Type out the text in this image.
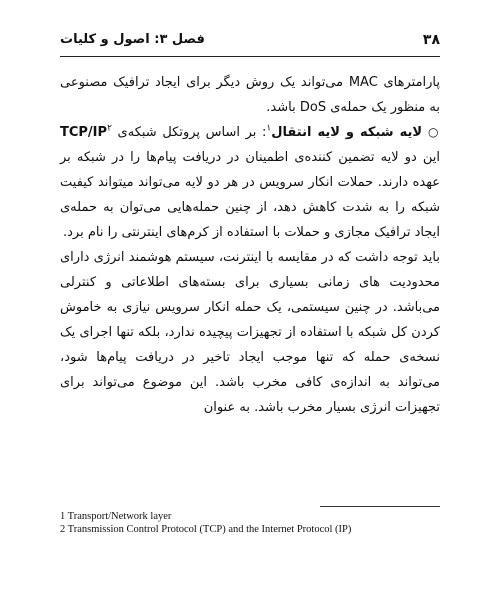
فصل ۳: اصول و کلیات	۳۸

پارامترهای MAC می‌تواند یک روش دیگر برای ایجاد ترافیک مصنوعی به منظور یک حمله‌ی DoS باشد.

○لایه شبکه و لایه انتقال$^۱$: بر اساس پروتکل شبکه‌ی TCP/$IP^۲$ این دو لایه تضمین کننده‌ی اطمینان در دریافت پیام‌ها را در شبکه بر عهده دارند. حملات انکار سرویس در هر دو لایه می‌تواند میتواند کیفیت شبکه را به شدت کاهش دهد، از چنین حمله‌هایی می‌توان به حمله‌ی ایجاد ترافیک مجازی و حملات با استفاده از کرم‌های اینترنتی را نام برد.

باید توجه داشت که در مقایسه با اینترنت، سیستم هوشمند انرژی دارای محدودیت های زمانی بسیاری برای بسته‌های اطلاعاتی و کنترلی می‌باشد. در چنین سیستمی، یک حمله انکار سرویس نیازی به خاموش کردن کل شبکه با استفاده از تجهیزات پیچیده ندارد، بلکه تنها اجرای یک نسخه‌ی حمله که تنها موجب ایجاد تاخیر در دریافت پیام‌ها شود، می‌تواند به اندازه‌ی کافی مخرب باشد. این موضوع می‌تواند برای تجهیزات انرژی بسیار مخرب باشد. به عنوان

1 Transport/Network layer
2 Transmission Control Protocol (TCP) and the Internet Protocol (IP)
